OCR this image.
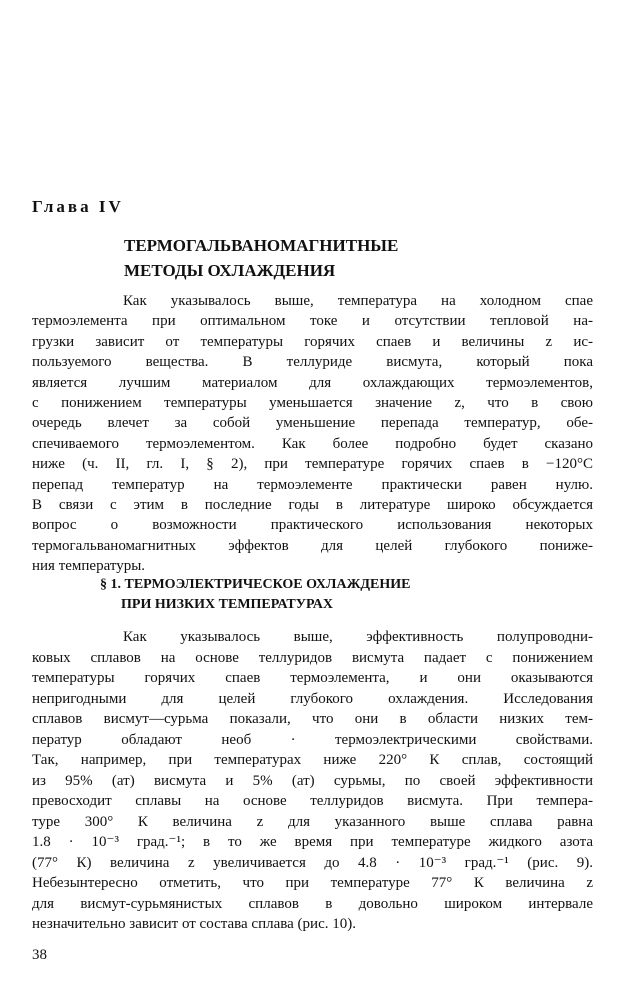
Глава IV
ТЕРМОГАЛЬВАНОМАГНИТНЫЕ
МЕТОДЫ ОХЛАЖДЕНИЯ
Как указывалось выше, температура на холодном спае
термоэлемента при оптимальном токе и отсутствии тепловой на-
грузки зависит от температуры горячих спаев и величины z ис-
пользуемого вещества. В теллуриде висмута, который пока
является лучшим материалом для охлаждающих термоэлементов,
с понижением температуры уменьшается значение z, что в свою
очередь влечет за собой уменьшение перепада температур, обе-
спечиваемого термоэлементом. Как более подробно будет сказано
ниже (ч. II, гл. I, § 2), при температуре горячих спаев в −120°С
перепад температур на термоэлементе практически равен нулю.
В связи с этим в последние годы в литературе широко обсуждается
вопрос о возможности практического использования некоторых
термогальваномагнитных эффектов для целей глубокого пониже-
ния температуры.
§ 1. ТЕРМОЭЛЕКТРИЧЕСКОЕ ОХЛАЖДЕНИЕ
ПРИ НИЗКИХ ТЕМПЕРАТУРАХ
Как указывалось выше, эффективность полупроводни-
ковых сплавов на основе теллуридов висмута падает с понижением
температуры горячих спаев термоэлемента, и они оказываются
непригодными для целей глубокого охлаждения. Исследования
сплавов висмут—сурьма показали, что они в области низких тем-
ператур обладают необ · термоэлектрическими свойствами.
Так, например, при температурах ниже 220° К сплав, состоящий
из 95% (ат) висмута и 5% (ат) сурьмы, по своей эффективности
превосходит сплавы на основе теллуридов висмута. При темпера-
туре 300° К величина z для указанного выше сплава равна
1.8 · 10⁻³ град.⁻¹; в то же время при температуре жидкого азота
(77° К) величина z увеличивается до 4.8 · 10⁻³ град.⁻¹ (рис. 9).
Небезынтересно отметить, что при температуре 77° К величина z
для висмут-сурьмянистых сплавов в довольно широком интервале
незначительно зависит от состава сплава (рис. 10).
38
